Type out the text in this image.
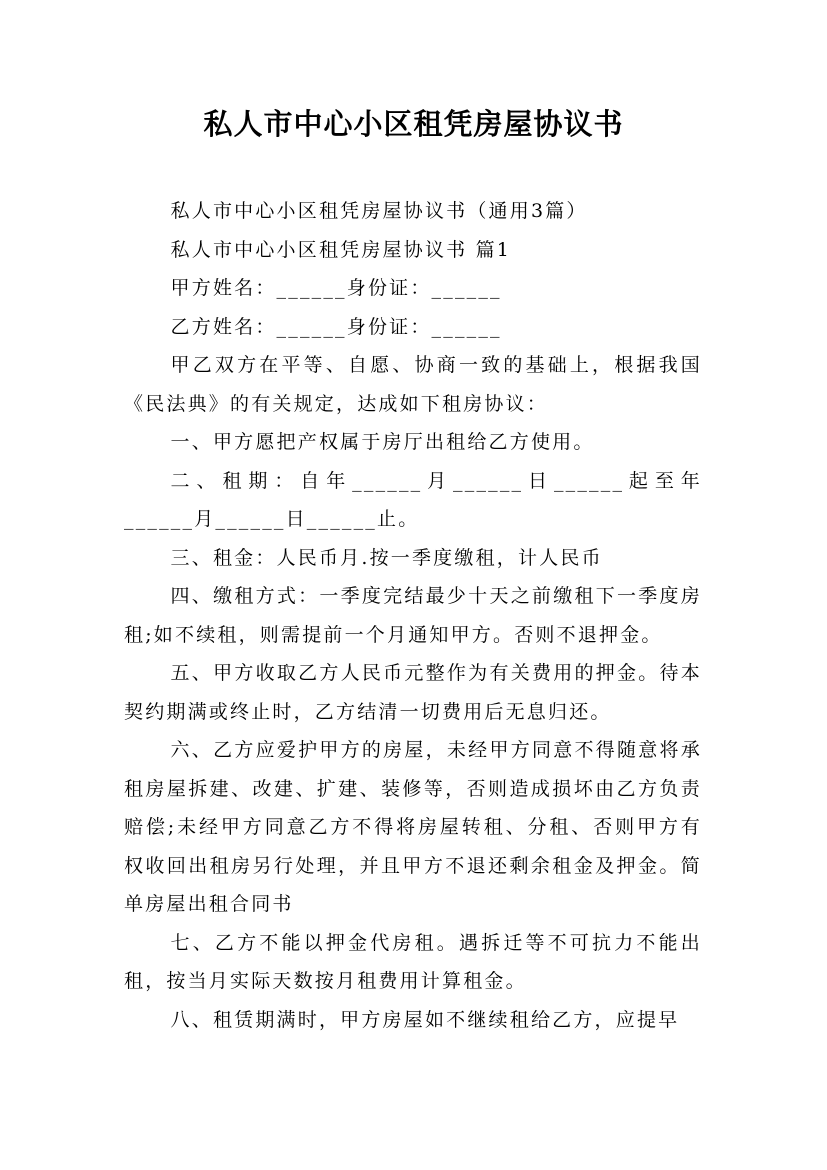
私人市中心小区租凭房屋协议书

私人市中心小区租凭房屋协议书（通用3篇）

私人市中心小区租凭房屋协议书 篇1

甲方姓名：______身份证：______

乙方姓名：______身份证：______

甲乙双方在平等、自愿、协商一致的基础上，根据我国《民法典》的有关规定，达成如下租房协议：

一、甲方愿把产权属于房厅出租给乙方使用。

二、租期：自年______月______日______起至年______月______日______止。

三、租金：人民币月.按一季度缴租，计人民币

四、缴租方式：一季度完结最少十天之前缴租下一季度房租;如不续租，则需提前一个月通知甲方。否则不退押金。

五、甲方收取乙方人民币元整作为有关费用的押金。待本契约期满或终止时，乙方结清一切费用后无息归还。

六、乙方应爱护甲方的房屋，未经甲方同意不得随意将承租房屋拆建、改建、扩建、装修等，否则造成损坏由乙方负责赔偿;未经甲方同意乙方不得将房屋转租、分租、否则甲方有权收回出租房另行处理，并且甲方不退还剩余租金及押金。简单房屋出租合同书

七、乙方不能以押金代房租。遇拆迁等不可抗力不能出租，按当月实际天数按月租费用计算租金。

八、租赁期满时，甲方房屋如不继续租给乙方，应提早
